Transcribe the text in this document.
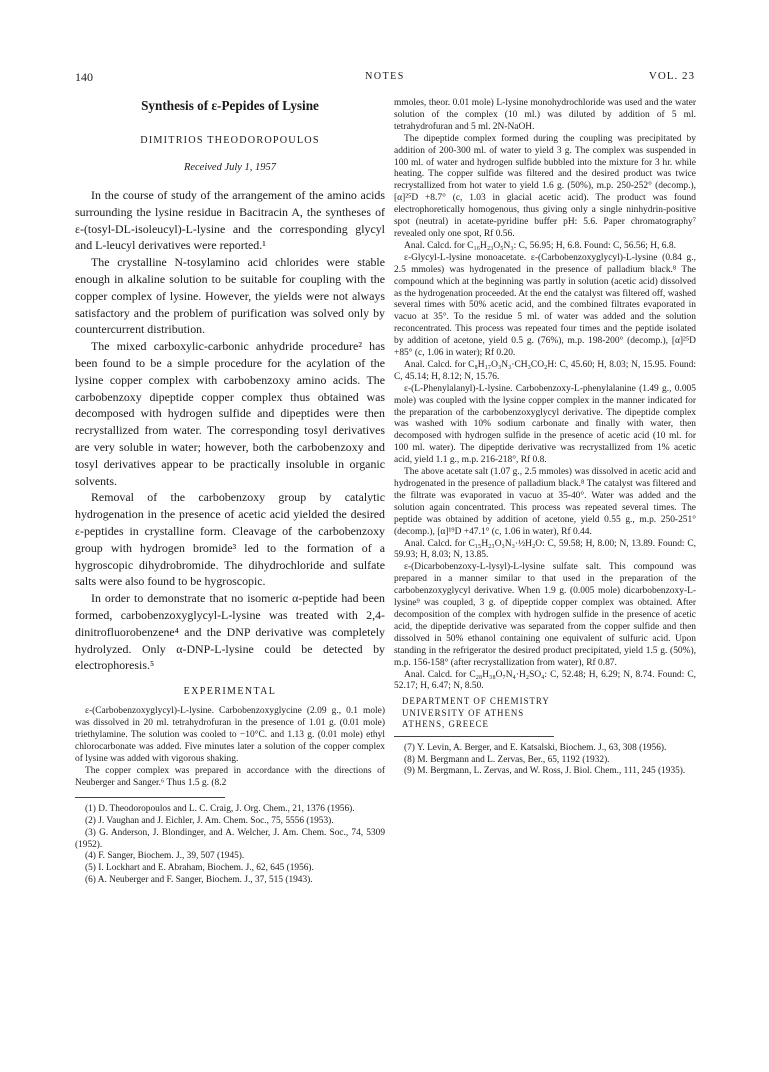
140	NOTES	VOL. 23
Synthesis of ε-Pepides of Lysine
DIMITRIOS THEODOROPOULOS
Received July 1, 1957

In the course of study of the arrangement of the amino acids surrounding the lysine residue in Bacitracin A, the syntheses of ε-(tosyl-DL-isoleucyl)-L-lysine and the corresponding glycyl and L-leucyl derivatives were reported.¹

The crystalline N-tosylamino acid chlorides were stable enough in alkaline solution to be suitable for coupling with the copper complex of lysine. However, the yields were not always satisfactory and the problem of purification was solved only by countercurrent distribution.

The mixed carboxylic-carbonic anhydride procedure² has been found to be a simple procedure for the acylation of the lysine copper complex with carbobenzoxy amino acids. The carbobenzoxy dipeptide copper complex thus obtained was decomposed with hydrogen sulfide and dipeptides were then recrystallized from water. The corresponding tosyl derivatives are very soluble in water; however, both the carbobenzoxy and tosyl derivatives appear to be practically insoluble in organic solvents.

Removal of the carbobenzoxy group by catalytic hydrogenation in the presence of acetic acid yielded the desired ε-peptides in crystalline form. Cleavage of the carbobenzoxy group with hydrogen bromide³ led to the formation of a hygroscopic dihydrobromide. The dihydrochloride and sulfate salts were also found to be hygroscopic.

In order to demonstrate that no isomeric α-peptide had been formed, carbobenzoxyglycyl-L-lysine was treated with 2,4-dinitrofluorobenzene⁴ and the DNP derivative was completely hydrolyzed. Only α-DNP-L-lysine could be detected by electrophoresis.⁵

EXPERIMENTAL

ε-(Carbobenzoxyglycyl)-L-lysine. Carbobenzoxyglycine (2.09 g., 0.1 mole) was dissolved in 20 ml. tetrahydrofuran in the presence of 1.01 g. (0.01 mole) triethylamine. The solution was cooled to −10°C. and 1.13 g. (0.01 mole) ethyl chlorocarbonate was added. Five minutes later a solution of the copper complex of lysine was added with vigorous shaking.

The copper complex was prepared in accordance with the directions of Neuberger and Sanger.⁶ Thus 1.5 g. (8.2

(1) D. Theodoropoulos and L. C. Craig, J. Org. Chem., 21, 1376 (1956).

(2) J. Vaughan and J. Eichler, J. Am. Chem. Soc., 75, 5556 (1953).

(3) G. Anderson, J. Blondinger, and A. Welcher, J. Am. Chem. Soc., 74, 5309 (1952).

(4) F. Sanger, Biochem. J., 39, 507 (1945).

(5) I. Lockhart and E. Abraham, Biochem. J., 62, 645 (1956).

(6) A. Neuberger and F. Sanger, Biochem. J., 37, 515 (1943).

mmoles, theor. 0.01 mole) L-lysine monohydrochloride was used and the water solution of the complex (10 ml.) was diluted by addition of 5 ml. tetrahydrofuran and 5 ml. 2N-NaOH.

The dipeptide complex formed during the coupling was precipitated by addition of 200-300 ml. of water to yield 3 g. The complex was suspended in 100 ml. of water and hydrogen sulfide bubbled into the mixture for 3 hr. while heating. The copper sulfide was filtered and the desired product was twice recrystallized from hot water to yield 1.6 g. (50%), m.p. 250-252° (decomp.), [α]²⁵D +8.7° (c, 1.03 in glacial acetic acid). The product was found electrophoretically homogenous, thus giving only a single ninhydrin-positive spot (neutral) in acetate-pyridine buffer pH: 5.6. Paper chromatography⁷ revealed only one spot, Rf 0.56.

Anal. Calcd. for C₁₆H₂₃O₅N₃: C, 56.95; H, 6.8. Found: C, 56.56; H, 6.8.

ε-Glycyl-L-lysine monoacetate. ε-(Carbobenzoxyglycyl)-L-lysine (0.84 g., 2.5 mmoles) was hydrogenated in the presence of palladium black.⁸ The compound which at the beginning was partly in solution (acetic acid) dissolved as the hydrogenation proceeded. At the end the catalyst was filtered off, washed several times with 50% acetic acid, and the combined filtrates evaporated in vacuo at 35°. To the residue 5 ml. of water was added and the solution reconcentrated. This process was repeated four times and the peptide isolated by addition of acetone, yield 0.5 g. (76%), m.p. 198-200° (decomp.), [α]²⁵D +85° (c, 1.06 in water); Rf 0.20.

Anal. Calcd. for C₈H₁₇O₃N₃·CH₃CO₂H: C, 45.60; H, 8.03; N, 15.95. Found: C, 45.14; H, 8.12; N, 15.76.

ε-(L-Phenylalanyl)-L-lysine. Carbobenzoxy-L-phenylalanine (1.49 g., 0.005 mole) was coupled with the lysine copper complex in the manner indicated for the preparation of the carbobenzoxyglycyl derivative. The dipeptide complex was washed with 10% sodium carbonate and finally with water, then decomposed with hydrogen sulfide in the presence of acetic acid (10 ml. for 100 ml. water). The dipeptide derivative was recrystallized from 1% acetic acid, yield 1.1 g., m.p. 216-218°, Rf 0.8.

The above acetate salt (1.07 g., 2.5 mmoles) was dissolved in acetic acid and hydrogenated in the presence of palladium black.⁸ The catalyst was filtered and the filtrate was evaporated in vacuo at 35-40°. Water was added and the solution again concentrated. This process was repeated several times. The peptide was obtained by addition of acetone, yield 0.55 g., m.p. 250-251° (decomp.), [α]¹⁹D +47.1° (c, 1.06 in water), Rf 0.44.

Anal. Calcd. for C₁₅H₂₃O₃N₃·½H₂O: C, 59.58; H, 8.00; N, 13.89. Found: C, 59.93; H, 8.03; N, 13.85.

ε-(Dicarbobenzoxy-L-lysyl)-L-lysine sulfate salt. This compound was prepared in a manner similar to that used in the preparation of the carbobenzoxyglycyl derivative. When 1.9 g. (0.005 mole) dicarbobenzoxy-L-lysine⁹ was coupled, 3 g. of dipeptide copper complex was obtained. After decomposition of the complex with hydrogen sulfide in the presence of acetic acid, the dipeptide derivative was separated from the copper sulfide and then dissolved in 50% ethanol containing one equivalent of sulfuric acid. Upon standing in the refrigerator the desired product precipitated, yield 1.5 g. (50%), m.p. 156-158° (after recrystallization from water), Rf 0.87.

Anal. Calcd. for C₂₈H₃₈O₇N₄·H₂SO₄: C, 52.48; H, 6.29; N, 8.74. Found: C, 52.17; H, 6.47; N, 8.50.

DEPARTMENT OF CHEMISTRY

UNIVERSITY OF ATHENS

ATHENS, GREECE

(7) Y. Levin, A. Berger, and E. Katsalski, Biochem. J., 63, 308 (1956).

(8) M. Bergmann and L. Zervas, Ber., 65, 1192 (1932).

(9) M. Bergmann, L. Zervas, and W. Ross, J. Biol. Chem., 111, 245 (1935).
